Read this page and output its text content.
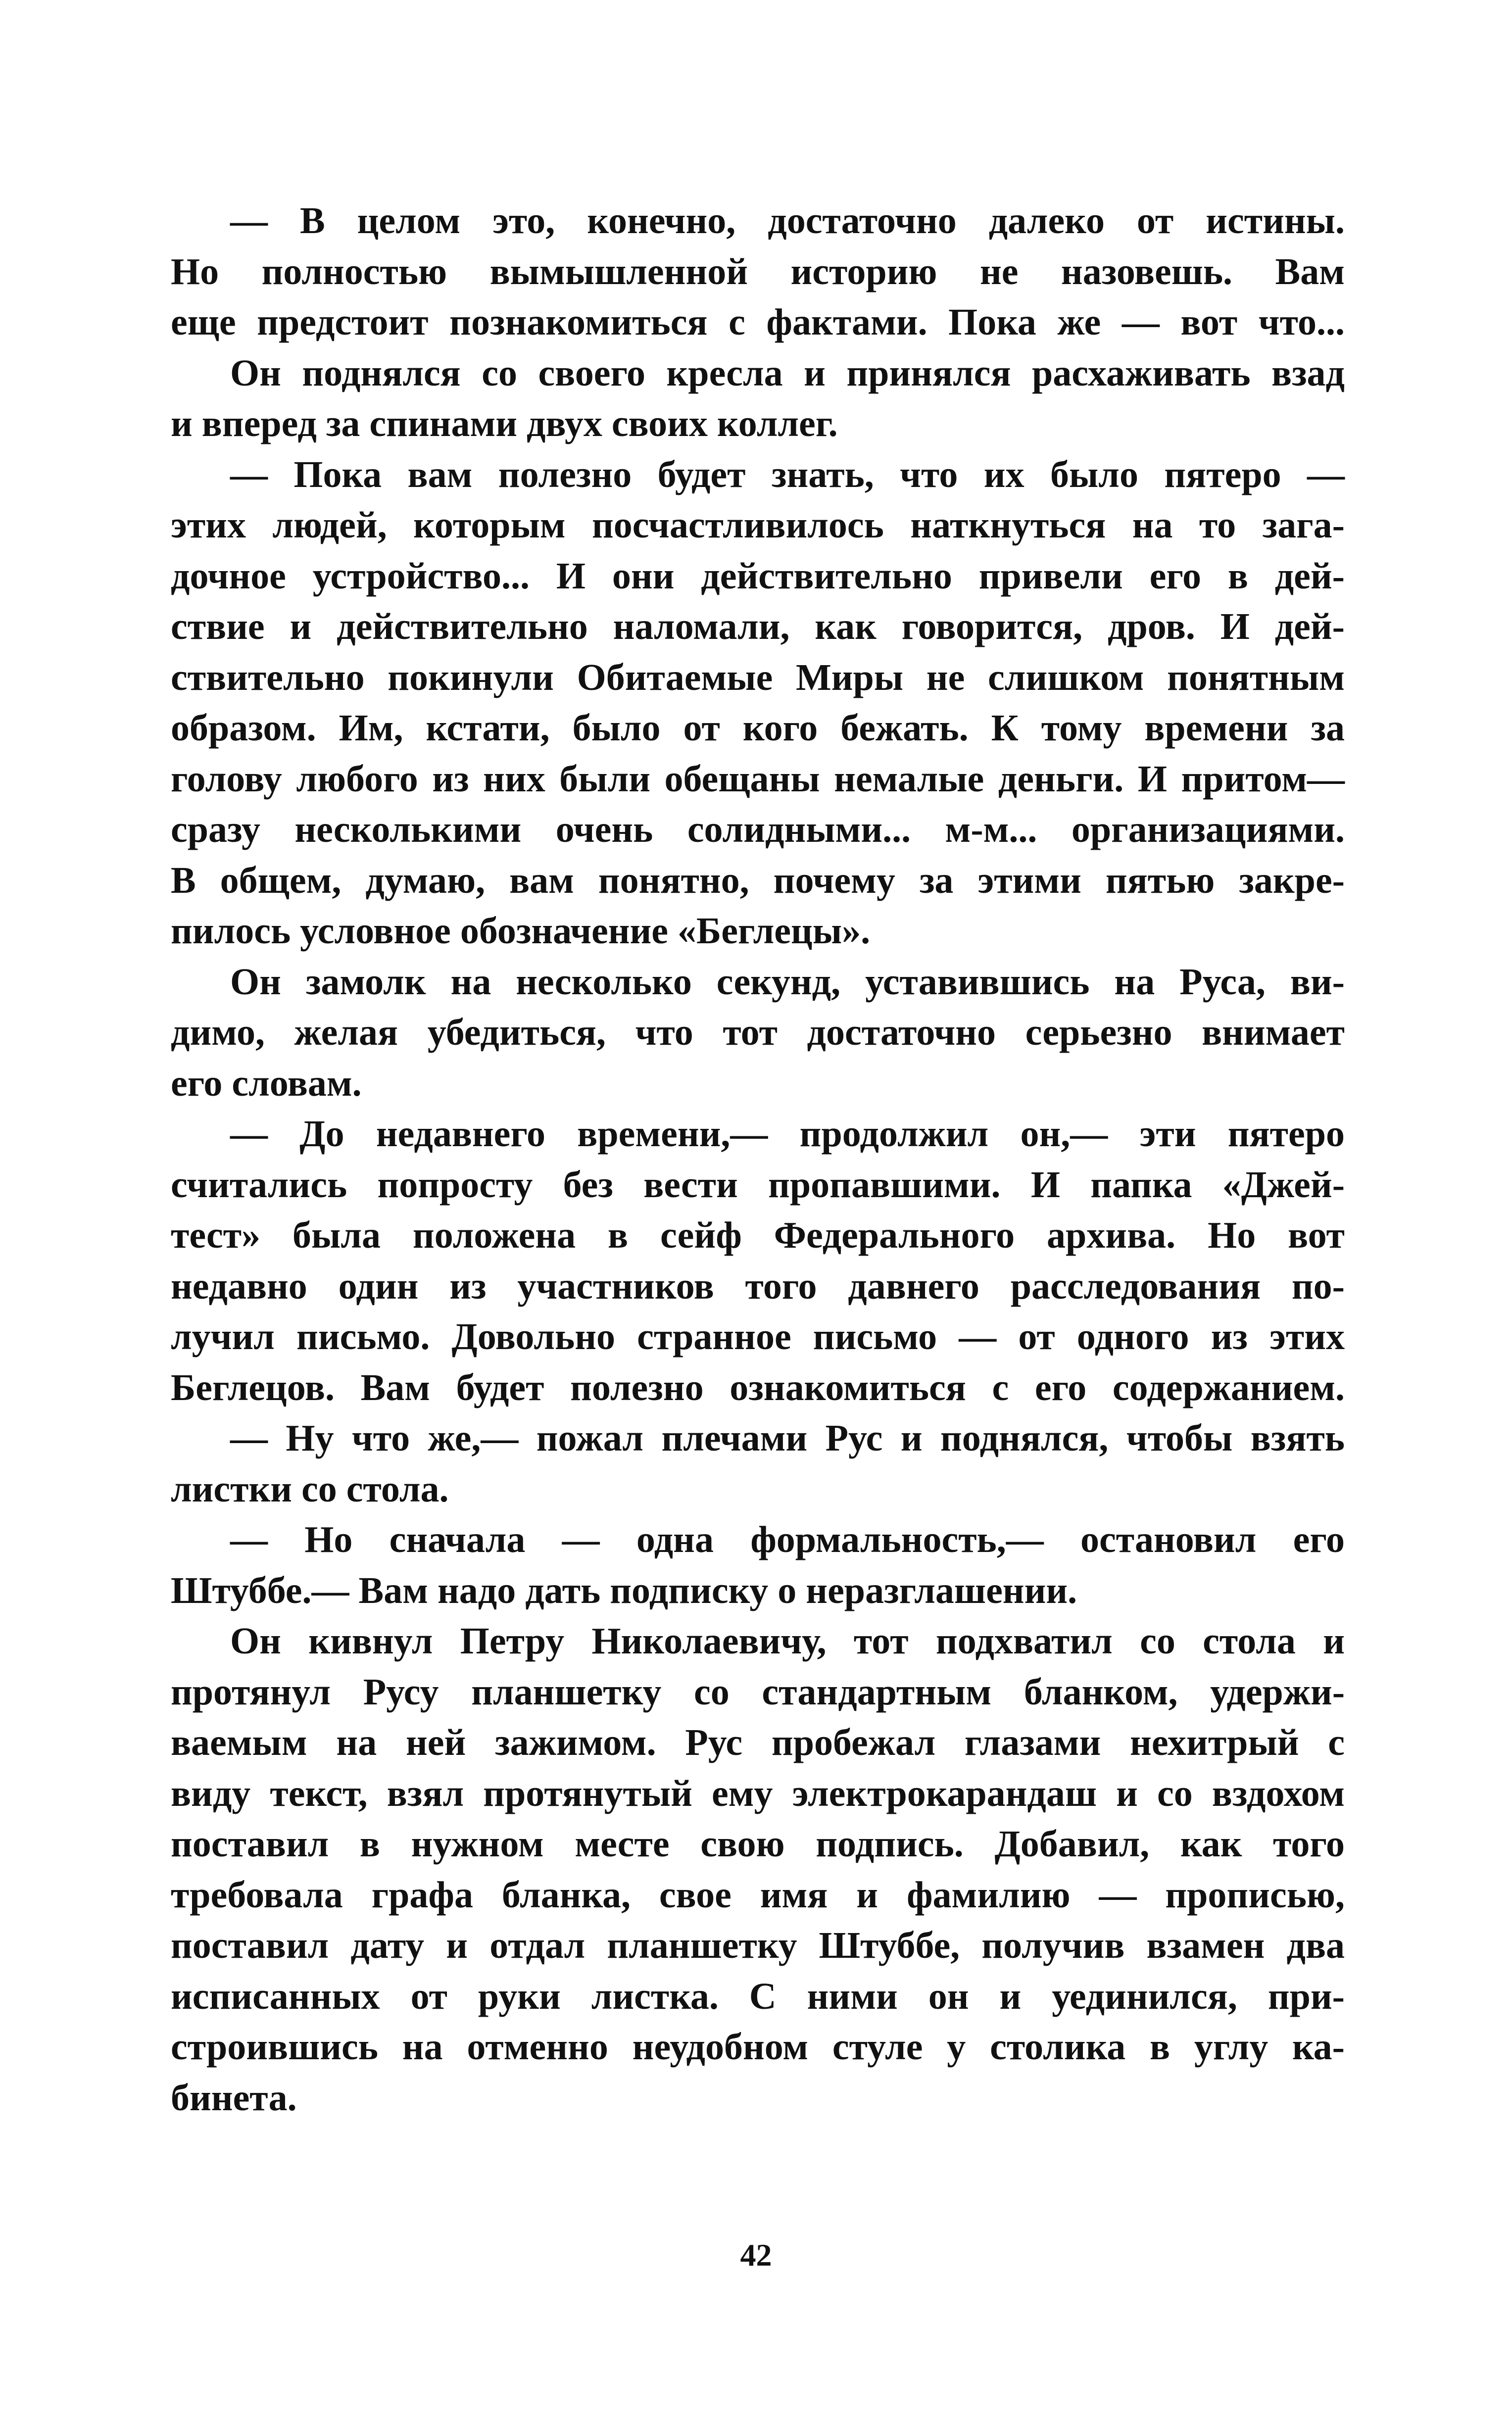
— В целом это, конечно, достаточно далеко от истины.
Но полностью вымышленной историю не назовешь. Вам
еще предстоит познакомиться с фактами. Пока же — вот что...
Он поднялся со своего кресла и принялся расхаживать взад
и вперед за спинами двух своих коллег.
— Пока вам полезно будет знать, что их было пятеро —
этих людей, которым посчастливилось наткнуться на то зага-
дочное устройство... И они действительно привели его в дей-
ствие и действительно наломали, как говорится, дров. И дей-
ствительно покинули Обитаемые Миры не слишком понятным
образом. Им, кстати, было от кого бежать. К тому времени за
голову любого из них были обещаны немалые деньги. И притом—
сразу несколькими очень солидными... м-м... организациями.
В общем, думаю, вам понятно, почему за этими пятью закре-
пилось условное обозначение «Беглецы».
Он замолк на несколько секунд, уставившись на Руса, ви-
димо, желая убедиться, что тот достаточно серьезно внимает
его словам.
— До недавнего времени,— продолжил он,— эти пятеро
считались попросту без вести пропавшими. И папка «Джей-
тест» была положена в сейф Федерального архива. Но вот
недавно один из участников того давнего расследования по-
лучил письмо. Довольно странное письмо — от одного из этих
Беглецов. Вам будет полезно ознакомиться с его содержанием.
— Ну что же,— пожал плечами Рус и поднялся, чтобы взять
листки со стола.
— Но сначала — одна формальность,— остановил его
Штуббе.— Вам надо дать подписку о неразглашении.
Он кивнул Петру Николаевичу, тот подхватил со стола и
протянул Русу планшетку со стандартным бланком, удержи-
ваемым на ней зажимом. Рус пробежал глазами нехитрый с
виду текст, взял протянутый ему электрокарандаш и со вздохом
поставил в нужном месте свою подпись. Добавил, как того
требовала графа бланка, свое имя и фамилию — прописью,
поставил дату и отдал планшетку Штуббе, получив взамен два
исписанных от руки листка. С ними он и уединился, при-
строившись на отменно неудобном стуле у столика в углу ка-
бинета.
42
